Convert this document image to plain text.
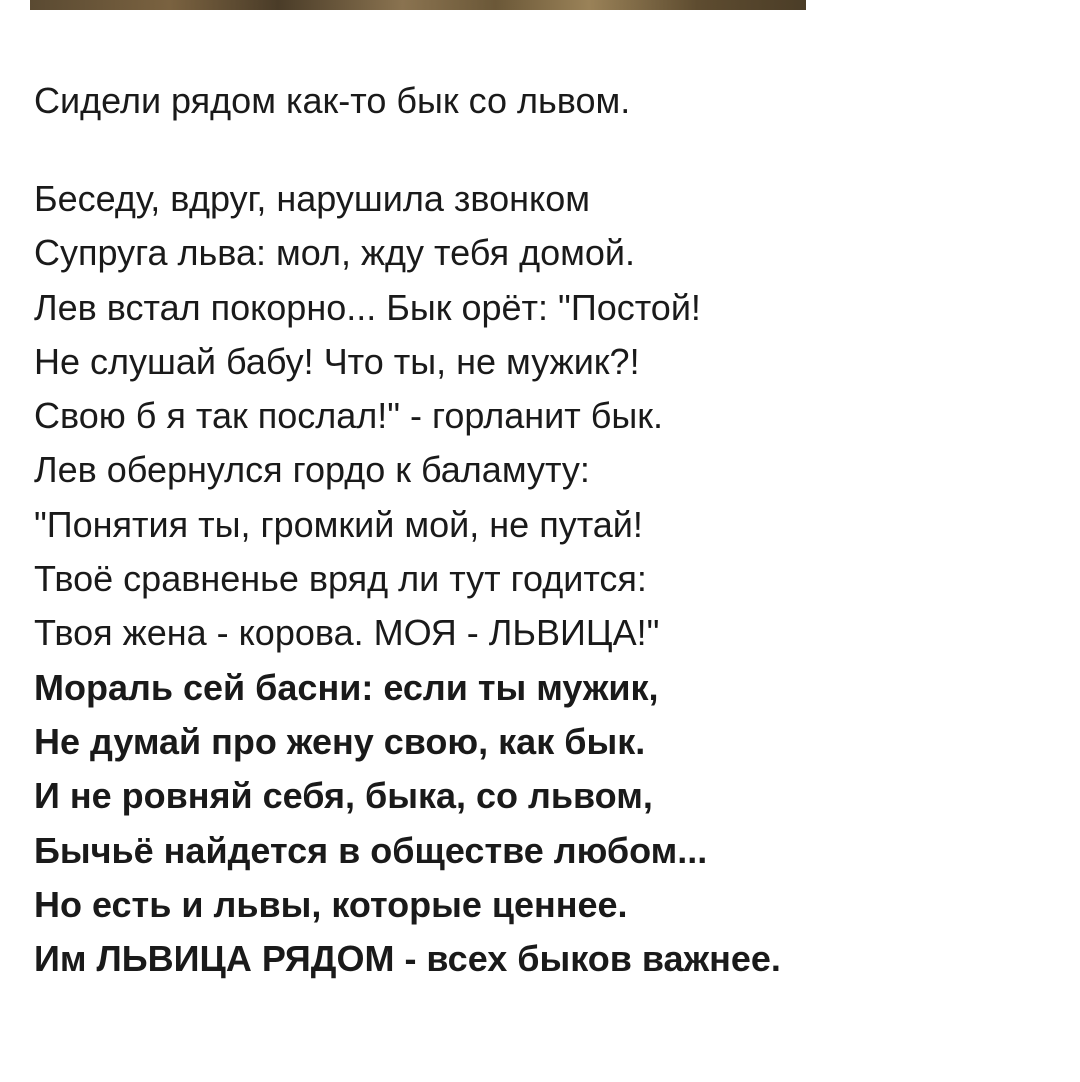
Сидели рядом как-то бык со львом.

Беседу, вдруг, нарушила звонком

Супруга льва: мол, жду тебя домой.

Лев встал покорно... Бык орёт: "Постой!

Не слушай бабу! Что ты, не мужик?!

Свою б я так послал!" - горланит бык.

Лев обернулся гордо к баламуту:

"Понятия ты, громкий мой, не путай!

Твоё сравненье вряд ли тут годится:

Твоя жена - корова. МОЯ - ЛЬВИЦА!"

Мораль сей басни: если ты мужик,

Не думай про жену свою, как бык.

И не ровняй себя, быка, со львом,

Бычьё найдется в обществе любом...

Но есть и львы, которые ценнее.

Им ЛЬВИЦА РЯДОМ - всех быков важнее.
